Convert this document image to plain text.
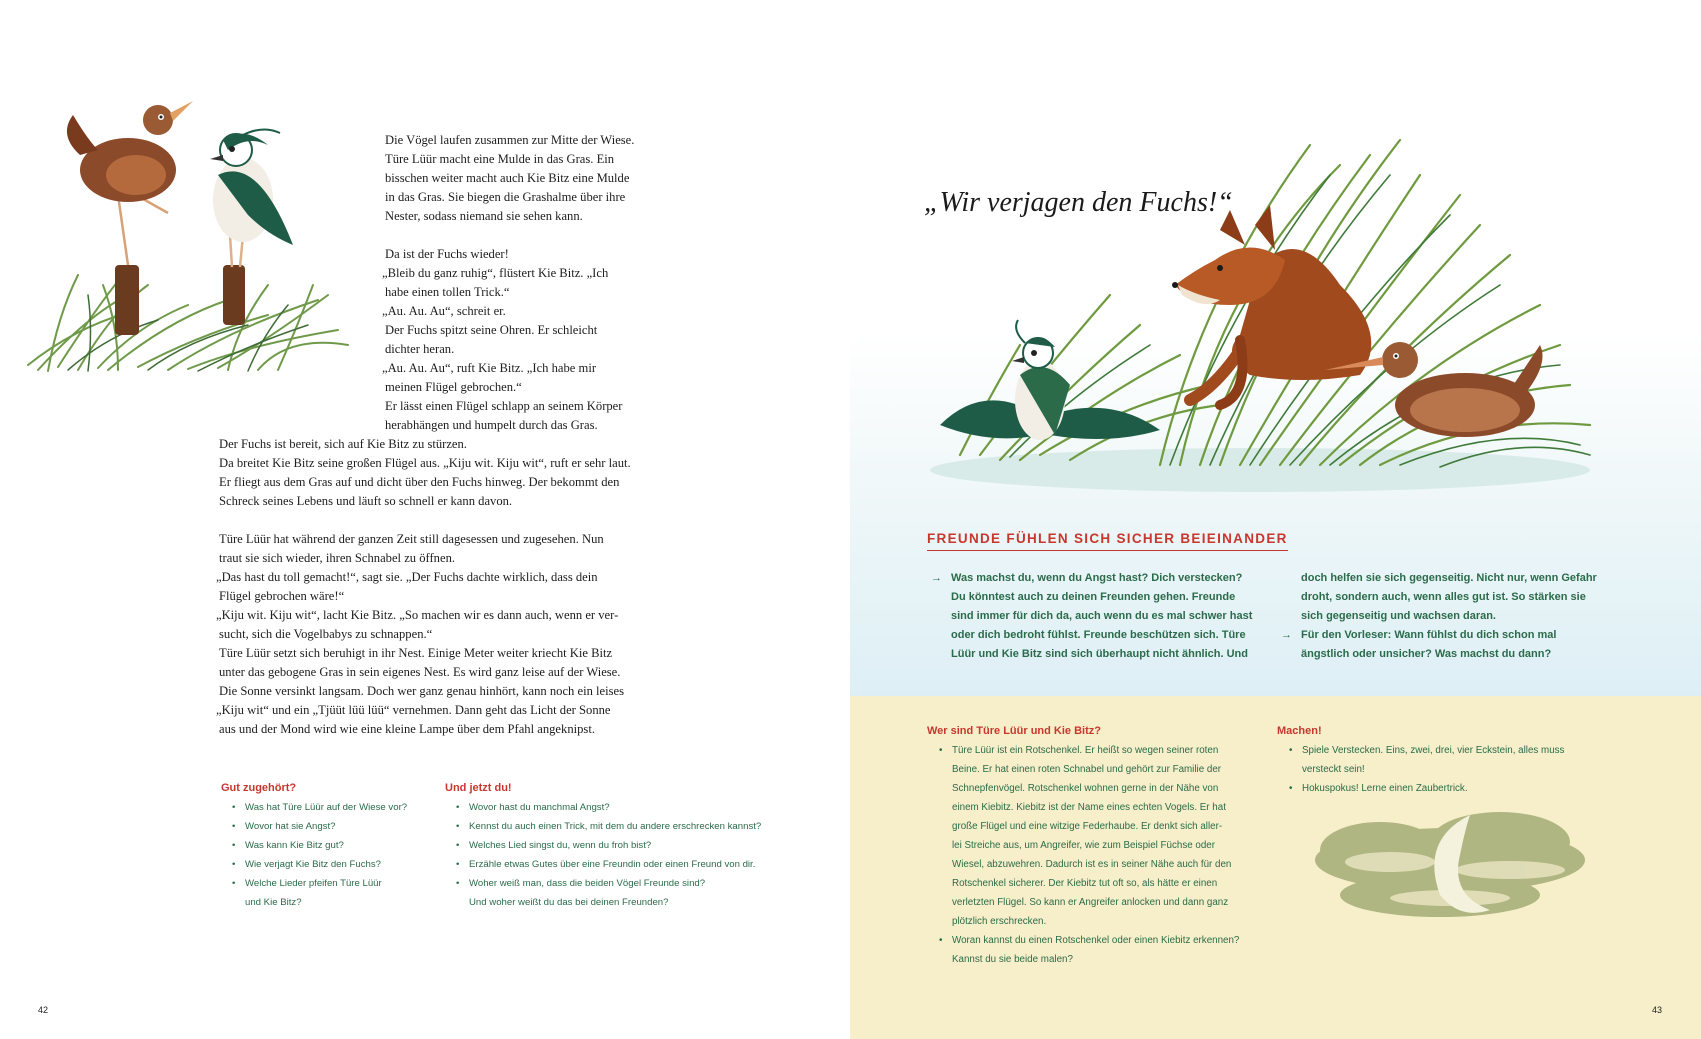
Die Vögel laufen zusammen zur Mitte der Wiese.

Türe Lüür macht eine Mulde in das Gras. Ein

bisschen weiter macht auch Kie Bitz eine Mulde

in das Gras. Sie biegen die Grashalme über ihre

Nester, sodass niemand sie sehen kann.

Da ist der Fuchs wieder!

„Bleib du ganz ruhig“, flüstert Kie Bitz. „Ich

habe einen tollen Trick.“

„Au. Au. Au“, schreit er.

Der Fuchs spitzt seine Ohren. Er schleicht

dichter heran.

„Au. Au. Au“, ruft Kie Bitz. „Ich habe mir

meinen Flügel gebrochen.“

Er lässt einen Flügel schlapp an seinem Körper

herabhängen und humpelt durch das Gras.

Der Fuchs ist bereit, sich auf Kie Bitz zu stürzen.

Da breitet Kie Bitz seine großen Flügel aus. „Kiju wit. Kiju wit“, ruft er sehr laut.

Er fliegt aus dem Gras auf und dicht über den Fuchs hinweg. Der bekommt den

Schreck seines Lebens und läuft so schnell er kann davon.

Türe Lüür hat während der ganzen Zeit still dagesessen und zugesehen. Nun

traut sie sich wieder, ihren Schnabel zu öffnen.

„Das hast du toll gemacht!“, sagt sie. „Der Fuchs dachte wirklich, dass dein

Flügel gebrochen wäre!“

„Kiju wit. Kiju wit“, lacht Kie Bitz. „So machen wir es dann auch, wenn er ver-

sucht, sich die Vogelbabys zu schnappen.“

Türe Lüür setzt sich beruhigt in ihr Nest. Einige Meter weiter kriecht Kie Bitz

unter das gebogene Gras in sein eigenes Nest. Es wird ganz leise auf der Wiese.

Die Sonne versinkt langsam. Doch wer ganz genau hinhört, kann noch ein leises

„Kiju wit“ und ein „Tjüüt lüü lüü“ vernehmen. Dann geht das Licht der Sonne

aus und der Mond wird wie eine kleine Lampe über dem Pfahl angeknipst.

Gut zugehört?
• Was hat Türe Lüür auf der Wiese vor?
• Wovor hat sie Angst?
• Was kann Kie Bitz gut?
• Wie verjagt Kie Bitz den Fuchs?
• Welche Lieder pfeifen Türe Lüür
und Kie Bitz?
Und jetzt du!
• Wovor hast du manchmal Angst?
• Kennst du auch einen Trick, mit dem du andere erschrecken kannst?
• Welches Lied singst du, wenn du froh bist?
• Erzähle etwas Gutes über eine Freundin oder einen Freund von dir.
• Woher weiß man, dass die beiden Vögel Freunde sind?
Und woher weißt du das bei deinen Freunden?
42
„Wir verjagen den Fuchs!“
FREUNDE FÜHLEN SICH SICHER BEIEINANDER

→ Was machst du, wenn du Angst hast? Dich verstecken?

Du könntest auch zu deinen Freunden gehen. Freunde

sind immer für dich da, auch wenn du es mal schwer hast

oder dich bedroht fühlst. Freunde beschützen sich. Türe

Lüür und Kie Bitz sind sich überhaupt nicht ähnlich. Und

doch helfen sie sich gegenseitig. Nicht nur, wenn Gefahr

droht, sondern auch, wenn alles gut ist. So stärken sie

sich gegenseitig und wachsen daran.

→ Für den Vorleser: Wann fühlst du dich schon mal

ängstlich oder unsicher? Was machst du dann?

Wer sind Türe Lüür und Kie Bitz?

• Türe Lüür ist ein Rotschenkel. Er heißt so wegen seiner roten

Beine. Er hat einen roten Schnabel und gehört zur Familie der

Schnepfenvögel. Rotschenkel wohnen gerne in der Nähe von

einem Kiebitz. Kiebitz ist der Name eines echten Vogels. Er hat

große Flügel und eine witzige Federhaube. Er denkt sich aller-

lei Streiche aus, um Angreifer, wie zum Beispiel Füchse oder

Wiesel, abzuwehren. Dadurch ist es in seiner Nähe auch für den

Rotschenkel sicherer. Der Kiebitz tut oft so, als hätte er einen

verletzten Flügel. So kann er Angreifer anlocken und dann ganz

plötzlich erschrecken.

• Woran kannst du einen Rotschenkel oder einen Kiebitz erkennen?

Kannst du sie beide malen?

Machen!

• Spiele Verstecken. Eins, zwei, drei, vier Eckstein, alles muss

versteckt sein!

• Hokuspokus! Lerne einen Zaubertrick.

43
